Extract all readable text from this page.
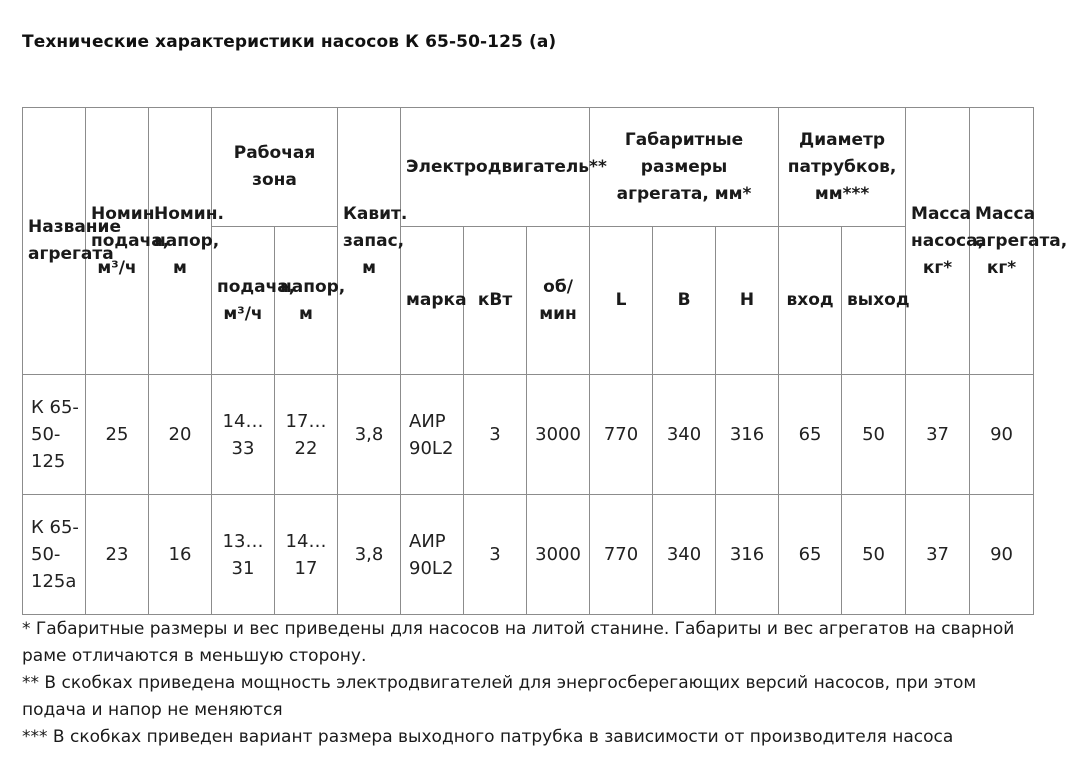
Технические характеристики насосов К 65-50-125 (а)
Название агрегата	Номин. подача, м³/ч	Номин. напор, м	Рабочая зона		Кавит. запас, м	Электродвигатель**			Габаритные размеры агрегата, мм*			Диаметр патрубков, мм***		Масса насоса, кг*	Масса агрегата, кг*
			подача, м³/ч	напор, м		марка	кВт	об/мин	L	B	H	вход	выход		
К 65-50-125	25	20	14…33	17…22	3,8	АИР 90L2	3	3000	770	340	316	65	50	37	90
К 65-50-125а	23	16	13…31	14…17	3,8	АИР 90L2	3	3000	770	340	316	65	50	37	90

* Габаритные размеры и вес приведены для насосов на литой станине. Габариты и вес агрегатов на сварной раме отличаются в меньшую сторону.

** В скобках приведена мощность электродвигателей для энергосберегающих версий насосов, при этом подача и напор не меняются

*** В скобках приведен вариант размера выходного патрубка в зависимости от производителя насоса
